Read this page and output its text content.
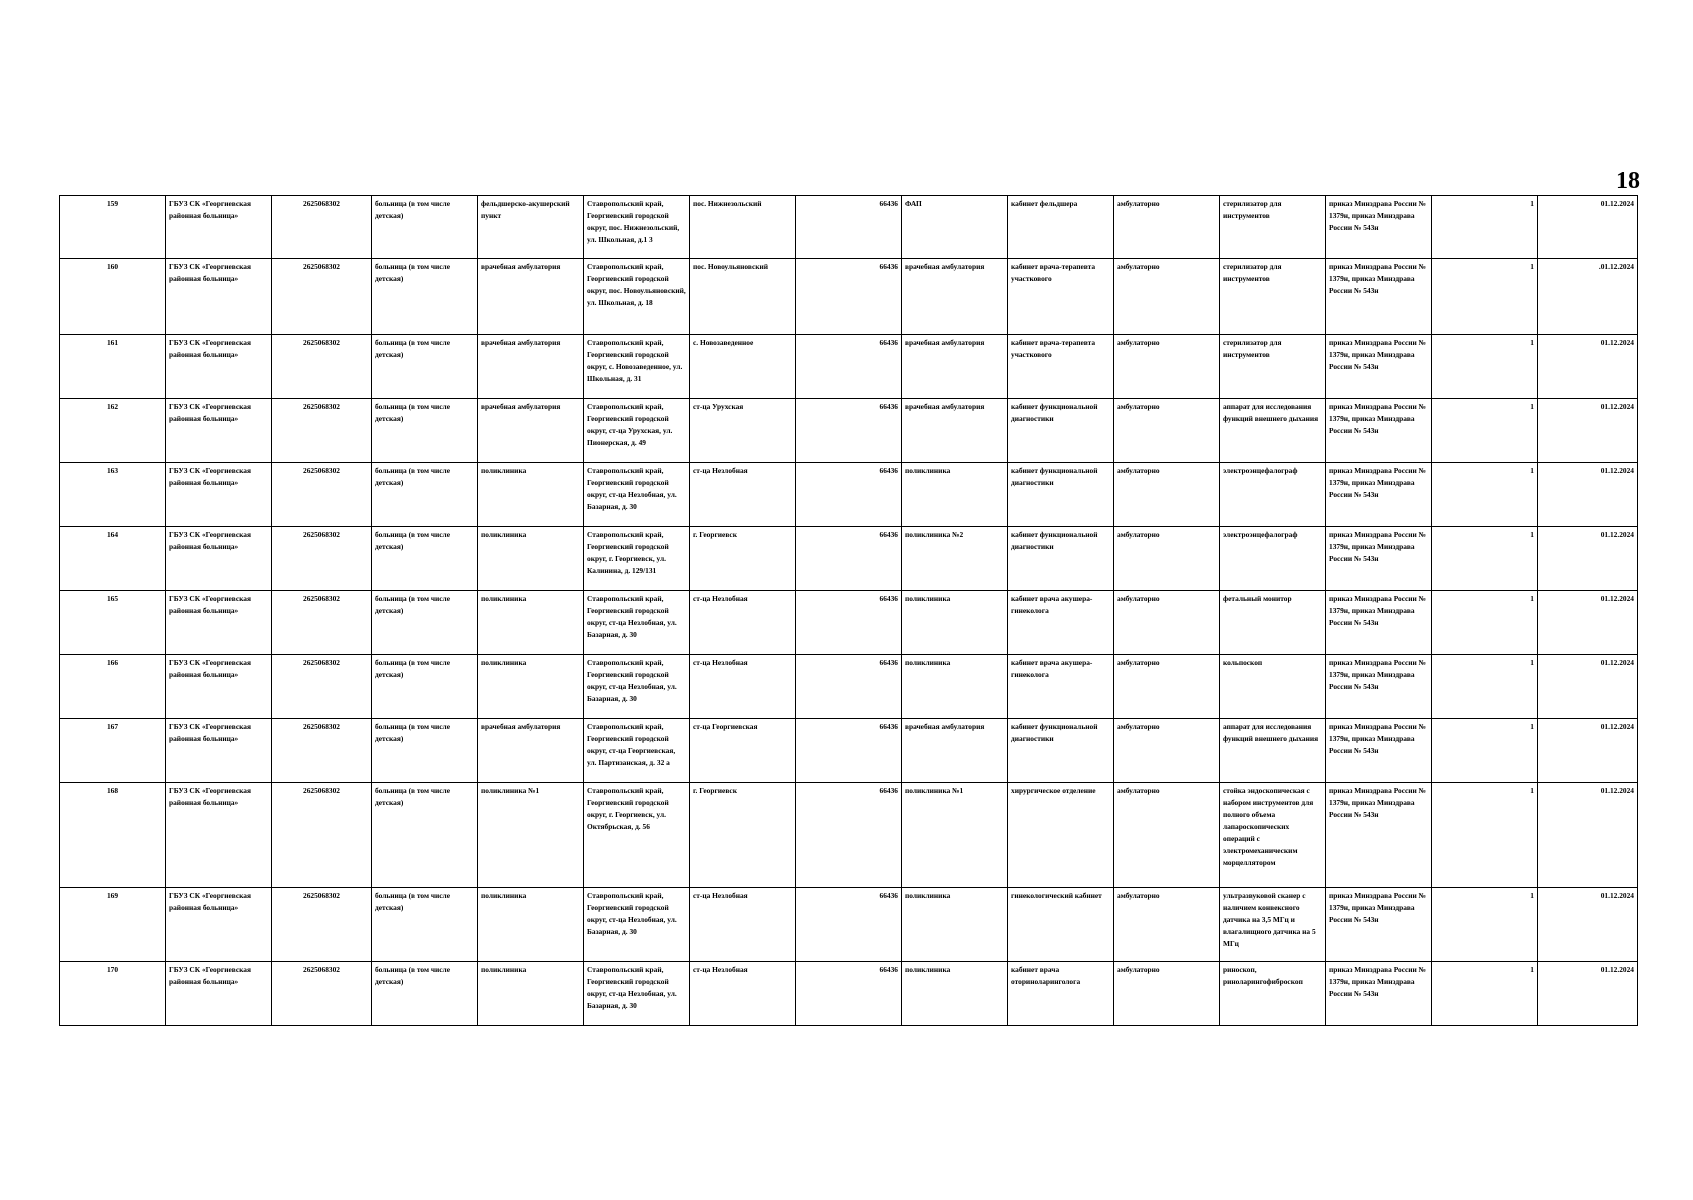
18
159	ГБУЗ СК «Георгиевская районная больница»	2625068302	больница (в том числе детская)	фельдшерско-акушерский пункт	Ставропольский край, Георгиевский городской округ, пос. Нижнезольский, ул. Школьная, д.1 3	пос. Нижнезольский	66436	ФАП	кабинет фельдшера	амбулаторно	стерилизатор для инструментов	приказ Минздрава России № 1379н, приказ Минздрава России № 543н	1	01.12.2024
160	ГБУЗ СК «Георгиевская районная больница»	2625068302	больница (в том числе детская)	врачебная амбулатория	Ставропольский край, Георгиевский городской округ, пос. Новоульяновский, ул. Школьная, д. 18	пос. Новоульяновский	66436	врачебная амбулатория	кабинет врача-терапевта участкового	амбулаторно	стерилизатор для инструментов	приказ Минздрава России № 1379н, приказ Минздрава России № 543н	1	.01.12.2024
161	ГБУЗ СК «Георгиевская районная больница»	2625068302	больница (в том числе детская)	врачебная амбулатория	Ставропольский край, Георгиевский городской округ, с. Новозаведенное, ул. Школьная, д. 31	с. Новозаведенное	66436	врачебная амбулатория	кабинет врача-терапевта участкового	амбулаторно	стерилизатор для инструментов	приказ Минздрава России № 1379н, приказ Минздрава России № 543н	1	01.12.2024
162	ГБУЗ СК «Георгиевская районная больница»	2625068302	больница (в том числе детская)	врачебная амбулатория	Ставропольский край, Георгиевский городской округ, ст-ца Урухская, ул. Пионерская, д. 49	ст-ца Урухская	66436	врачебная амбулатория	кабинет функциональной диагностики	амбулаторно	аппарат для исследования функций внешнего дыхания	приказ Минздрава России № 1379н, приказ Минздрава России № 543н	1	01.12.2024
163	ГБУЗ СК «Георгиевская районная больница»	2625068302	больница (в том числе детская)	поликлиника	Ставропольский край, Георгиевский городской округ, ст-ца Незлобная, ул. Базарная, д. 30	ст-ца Незлобная	66436	поликлиника	кабинет функциональной диагностики	амбулаторно	электроэнцефалограф	приказ Минздрава России № 1379н, приказ Минздрава России № 543н	1	01.12.2024
164	ГБУЗ СК «Георгиевская районная больница»	2625068302	больница (в том числе детская)	поликлиника	Ставропольский край, Георгиевский городской округ, г. Георгиевск, ул. Калинина, д. 129/131	г. Георгиевск	66436	поликлиника №2	кабинет функциональной диагностики	амбулаторно	электроэнцефалограф	приказ Минздрава России № 1379н, приказ Минздрава России № 543н	1	01.12.2024
165	ГБУЗ СК «Георгиевская районная больница»	2625068302	больница (в том числе детская)	поликлиника	Ставропольский край, Георгиевский городской округ, ст-ца Незлобная, ул. Базарная, д. 30	ст-ца Незлобная	66436	поликлиника	кабинет врача акушера-гинеколога	амбулаторно	фетальный монитор	приказ Минздрава России № 1379н, приказ Минздрава России № 543н	1	01.12.2024
166	ГБУЗ СК «Георгиевская районная больница»	2625068302	больница (в том числе детская)	поликлиника	Ставропольский край, Георгиевский городской округ, ст-ца Незлобная, ул. Базарная, д. 30	ст-ца Незлобная	66436	поликлиника	кабинет врача акушера-гинеколога	амбулаторно	кольпоскоп	приказ Минздрава России № 1379н, приказ Минздрава России № 543н	1	01.12.2024
167	ГБУЗ СК «Георгиевская районная больница»	2625068302	больница (в том числе детская)	врачебная амбулатория	Ставропольский край, Георгиевский городской округ, ст-ца Георгиевская, ул. Партизанская, д. 32 а	ст-ца Георгиевская	66436	врачебная амбулатория	кабинет функциональной диагностики	амбулаторно	аппарат для исследования функций внешнего дыхания	приказ Минздрава России № 1379н, приказ Минздрава России № 543н	1	01.12.2024
168	ГБУЗ СК «Георгиевская районная больница»	2625068302	больница (в том числе детская)	поликлиника №1	Ставропольский край, Георгиевский городской округ, г. Георгиевск, ул. Октябрьская, д. 56	г. Георгиевск	66436	поликлиника №1	хирургическое отделение	амбулаторно	стойка эндоскопическая с набором инструментов для полного объема лапароскопических операций с электромеханическим морцеллятором	приказ Минздрава России № 1379н, приказ Минздрава России № 543н	1	01.12.2024
169	ГБУЗ СК «Георгиевская районная больница»	2625068302	больница (в том числе детская)	поликлиника	Ставропольский край, Георгиевский городской округ, ст-ца Незлобная, ул. Базарная, д. 30	ст-ца Незлобная	66436	поликлиника	гинекологический кабинет	амбулаторно	ультразвуковой сканер с наличием конвексного датчика на 3,5 МГц и влагалищного датчика на 5 МГц	приказ Минздрава России № 1379н, приказ Минздрава России № 543н	1	01.12.2024
170	ГБУЗ СК «Георгиевская районная больница»	2625068302	больница (в том числе детская)	поликлиника	Ставропольский край, Георгиевский городской округ, ст-ца Незлобная, ул. Базарная, д. 30	ст-ца Незлобная	66436	поликлиника	кабинет врача оториноларинголога	амбулаторно	риноскоп, риноларингофиброскоп	приказ Минздрава России № 1379н, приказ Минздрава России № 543н	1	01.12.2024
